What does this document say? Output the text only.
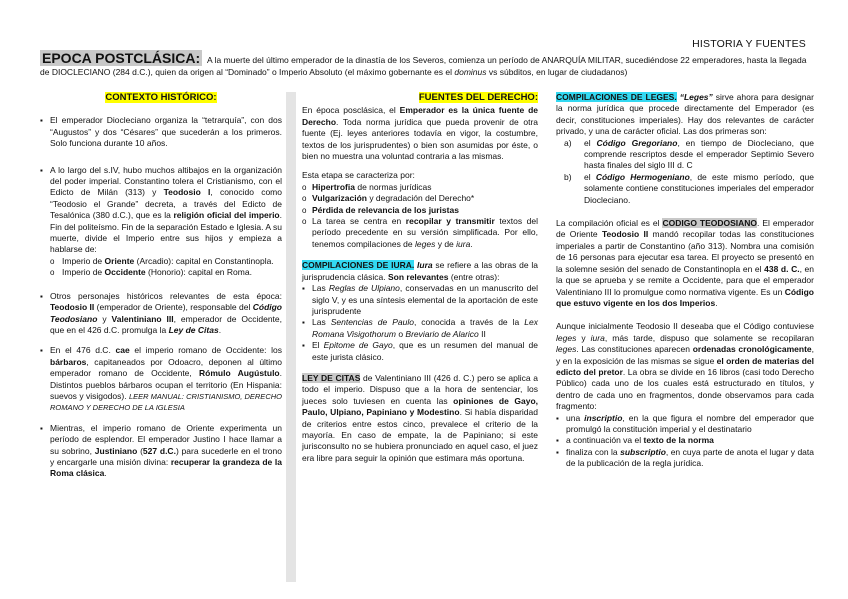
HISTORIA Y FUENTES
EPOCA POSTCLÁSICA: A la muerte del último emperador de la dinastía de los Severos, comienza un período de ANARQUÍA MILITAR, sucediéndose 22 emperadores, hasta la llegada de DIOCLECIANO (284 d.C.), quien da origen al “Dominado” o Imperio Absoluto (el máximo gobernante es el dominus vs súbditos, en lugar de ciudadanos)
CONTEXTO HISTÓRICO:

▪ El emperador Diocleciano organiza la “tetrarquía”, con dos “Augustos” y dos “Césares” que sucederán a los primeros. Solo funciona durante 10 años.

▪ A lo largo del s.IV, hubo muchos altibajos en la organización del poder imperial. Constantino tolera el Cristianismo, con el Edicto de Milán (313) y Teodosio I, conocido como “Teodosio el Grande” decreta, a través del Edicto de Tesalónica (380 d.C.), que es la religión oficial del imperio. Fin del politeísmo. Fin de la separación Estado e Iglesia. A su muerte, divide el Imperio entre sus hijos y empieza a hablarse de:

o Imperio de Oriente (Arcadio): capital en Constantinopla.

o Imperio de Occidente (Honorio): capital en Roma.

▪ Otros personajes históricos relevantes de esta época: Teodosio II (emperador de Oriente), responsable del Código Teodosiano y Valentiniano III, emperador de Occidente, que en el 426 d.C. promulga la Ley de Citas.

▪ En el 476 d.C. cae el imperio romano de Occidente: los bárbaros, capitaneados por Odoacro, deponen al último emperador romano de Occidente, Rómulo Augústulo. Distintos pueblos bárbaros ocupan el territorio (En Hispania: suevos y visigodos). LEER MANUAL: CRISTIANISMO, DERECHO ROMANO Y DERECHO DE LA IGLESIA

▪ Mientras, el imperio romano de Oriente experimenta un período de esplendor. El emperador Justino I hace llamar a su sobrino, Justiniano (527 d.C.) para sucederle en el trono y encargarle una misión divina: recuperar la grandeza de la Roma clásica.

FUENTES DEL DERECHO:

En época posclásica, el Emperador es la única fuente de Derecho. Toda norma jurídica que pueda provenir de otra fuente (Ej. leyes anteriores todavía en vigor, la costumbre, textos de los jurisprudentes) o bien son asumidas por éste, o bien no muestra una voluntad contraria a las mismas.

Esta etapa se caracteriza por:

o Hipertrofia de normas jurídicas

o Vulgarización y degradación del Derecho*

o Pérdida de relevancia de los juristas

o La tarea se centra en recopilar y transmitir textos del período precedente en su versión simplificada. Por ello, tenemos compilaciones de leges y de iura.

COMPILACIONES DE IURA. Iura se refiere a las obras de la jurisprudencia clásica. Son relevantes (entre otras):

▪ Las Reglas de Ulpiano, conservadas en un manuscrito del siglo V, y es una síntesis elemental de la aportación de este jurisprudente

▪ Las Sentencias de Paulo, conocida a través de la Lex Romana Visigothorum o Breviario de Alarico II

▪ El Epitome de Gayo, que es un resumen del manual de este jurista clásico.

LEY DE CITAS de Valentiniano III (426 d. C.) pero se aplica a todo el imperio. Dispuso que a la hora de sentenciar, los jueces solo tuviesen en cuenta las opiniones de Gayo, Paulo, Ulpiano, Papiniano y Modestino. Si había disparidad de criterios entre estos cinco, prevalece el criterio de la mayoría. En caso de empate, la de Papiniano; si este jurisconsulto no se hubiera pronunciado en aquel caso, el juez era libre para seguir la opinión que estimara más oportuna.

COMPILACIONES DE LEGES. “Leges” sirve ahora para designar la norma jurídica que procede directamente del Emperador (es decir, constituciones imperiales). Hay dos relevantes de carácter privado, y una de carácter oficial. Las dos primeras son:

a) el Código Gregoriano, en tiempo de Diocleciano, que comprende rescriptos desde el emperador Septimio Severo hasta finales del siglo III d. C

b) el Código Hermogeniano, de este mismo período, que solamente contiene constituciones imperiales del emperador Diocleciano.

La compilación oficial es el CODIGO TEODOSIANO. El emperador de Oriente Teodosio II mandó recopilar todas las constituciones imperiales a partir de Constantino (año 313). Nombra una comisión de 16 personas para ejecutar esa tarea. El proyecto se presentó en la solemne sesión del senado de Constantinopla en el 438 d. C., en la que se aprueba y se remite a Occidente, para que el emperador Valentiniano III lo promulgue como normativa vigente. Es un Código que estuvo vigente en los dos Imperios.

Aunque inicialmente Teodosio II deseaba que el Código contuviese leges y iura, más tarde, dispuso que solamente se recopilaran leges. Las constituciones aparecen ordenadas cronológicamente, y en la exposición de las mismas se sigue el orden de materias del edicto del pretor. La obra se divide en 16 libros (casi todo Derecho Público) cada uno de los cuales está estructurado en títulos, y dentro de cada uno en fragmentos, donde observamos para cada fragmento:

▪ una inscriptio, en la que figura el nombre del emperador que promulgó la constitución imperial y el destinatario

▪ a continuación va el texto de la norma

▪ finaliza con la subscriptio, en cuya parte de anota el lugar y data de la publicación de la regla jurídica.
